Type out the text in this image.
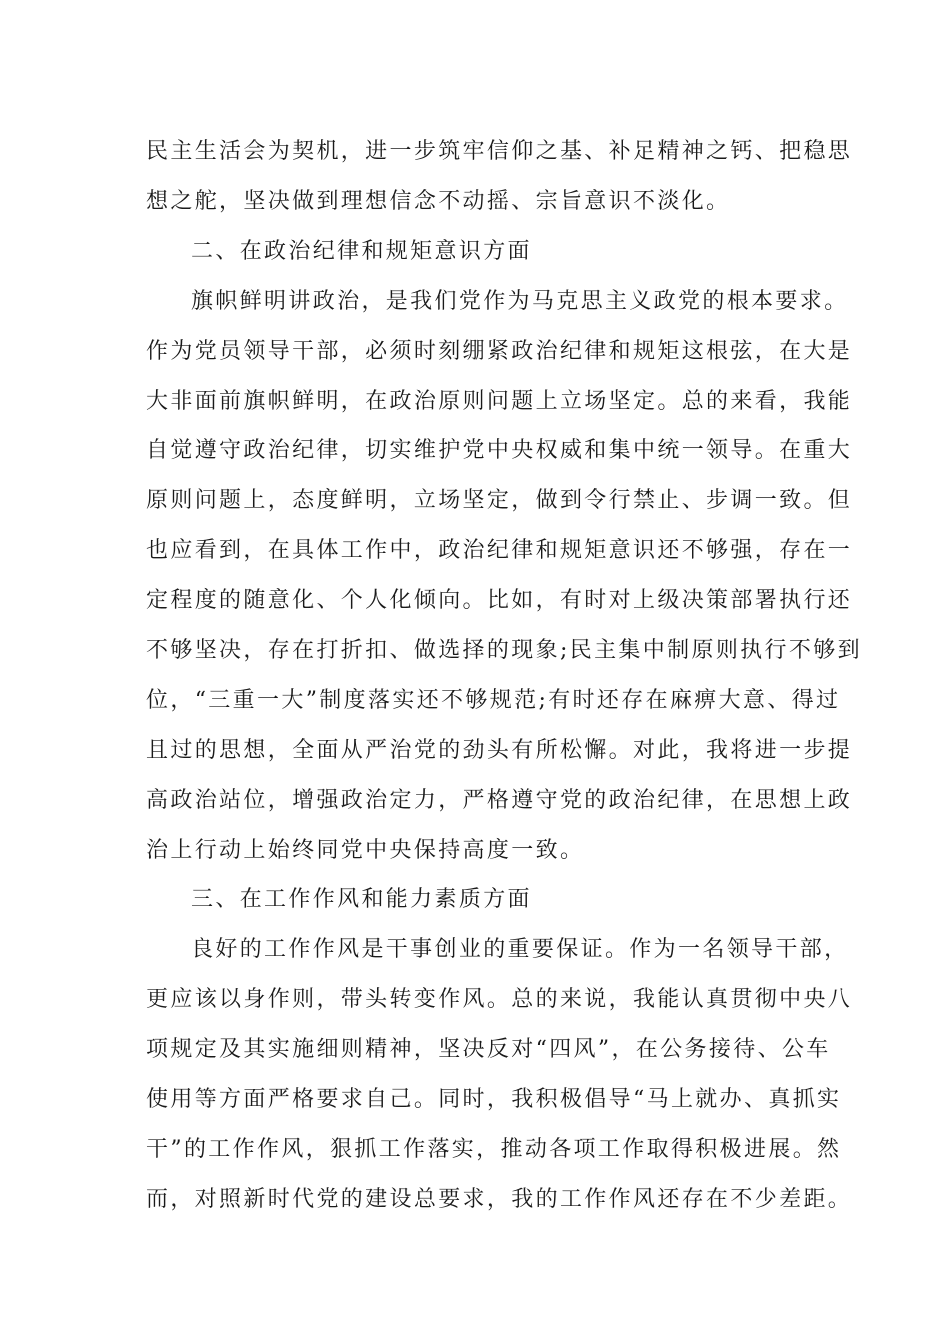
民主生活会为契机，进一步筑牢信仰之基、补足精神之钙、把稳思
想之舵，坚决做到理想信念不动摇、宗旨意识不淡化。
二、在政治纪律和规矩意识方面
旗帜鲜明讲政治，是我们党作为马克思主义政党的根本要求。
作为党员领导干部，必须时刻绷紧政治纪律和规矩这根弦，在大是
大非面前旗帜鲜明，在政治原则问题上立场坚定。总的来看，我能
自觉遵守政治纪律，切实维护党中央权威和集中统一领导。在重大
原则问题上，态度鲜明，立场坚定，做到令行禁止、步调一致。但
也应看到，在具体工作中，政治纪律和规矩意识还不够强，存在一
定程度的随意化、个人化倾向。比如，有时对上级决策部署执行还
不够坚决，存在打折扣、做选择的现象;民主集中制原则执行不够到
位，“三重一大”制度落实还不够规范;有时还存在麻痹大意、得过
且过的思想，全面从严治党的劲头有所松懈。对此，我将进一步提
高政治站位，增强政治定力，严格遵守党的政治纪律，在思想上政
治上行动上始终同党中央保持高度一致。
三、在工作作风和能力素质方面
良好的工作作风是干事创业的重要保证。作为一名领导干部，
更应该以身作则，带头转变作风。总的来说，我能认真贯彻中央八
项规定及其实施细则精神，坚决反对“四风”，在公务接待、公车
使用等方面严格要求自己。同时，我积极倡导“马上就办、真抓实
干”的工作作风，狠抓工作落实，推动各项工作取得积极进展。然
而，对照新时代党的建设总要求，我的工作作风还存在不少差距。
